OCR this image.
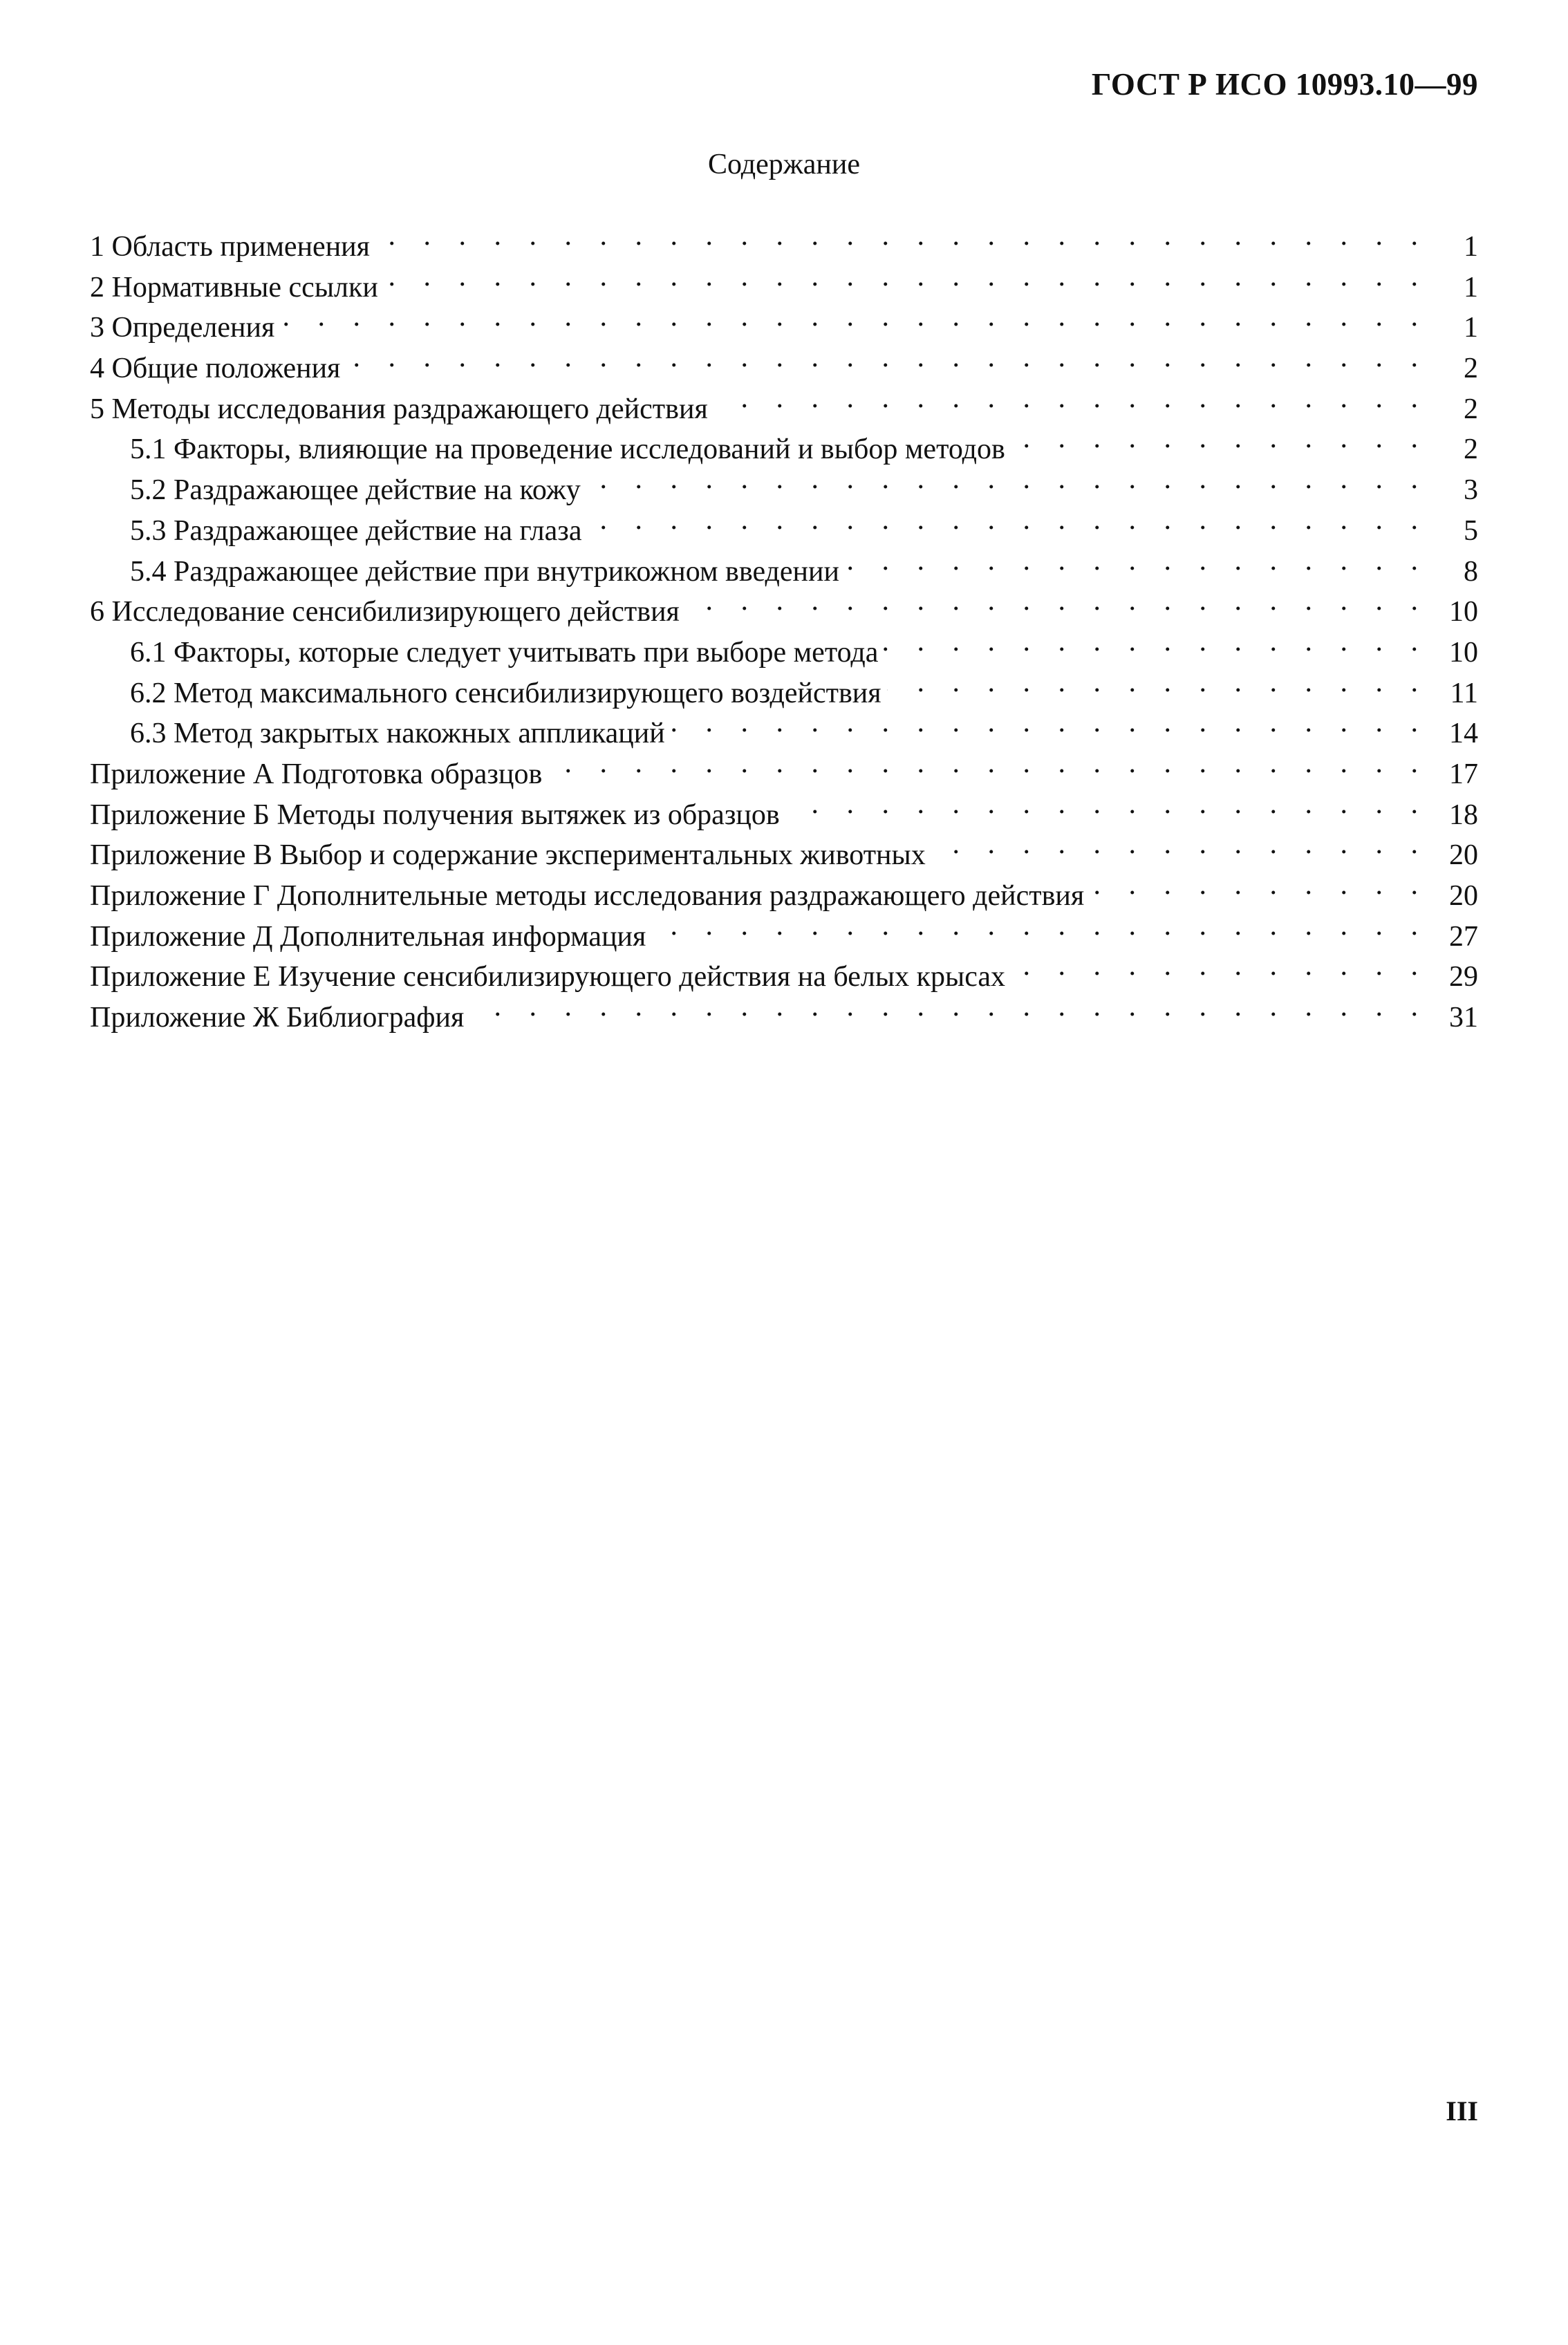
ГОСТ Р ИСО 10993.10—99
Содержание
1 Область применения . . .	1
2 Нормативные ссылки . . .	1
3 Определения . . .	1
4 Общие положения . . .	2
5 Методы исследования раздражающего действия . . .	2
5.1 Факторы, влияющие на проведение исследований и выбор методов . . .	2
5.2 Раздражающее действие на кожу . . .	3
5.3 Раздражающее действие на глаза . . .	5
5.4 Раздражающее действие при внутрикожном введении . . .	8
6 Исследование сенсибилизирующего действия . . .	10
6.1 Факторы, которые следует учитывать при выборе метода . . .	10
6.2 Метод максимального сенсибилизирующего воздействия . . .	11
6.3 Метод закрытых накожных аппликаций . . .	14
Приложение А Подготовка образцов . . .	17
Приложение Б Методы получения вытяжек из образцов . . .	18
Приложение В Выбор и содержание экспериментальных животных . . .	20
Приложение Г Дополнительные методы исследования раздражающего действия . . .	20
Приложение Д Дополнительная информация . . .	27
Приложение Е Изучение сенсибилизирующего действия на белых крысах . . .	29
Приложение Ж Библиография . . .	31
III
